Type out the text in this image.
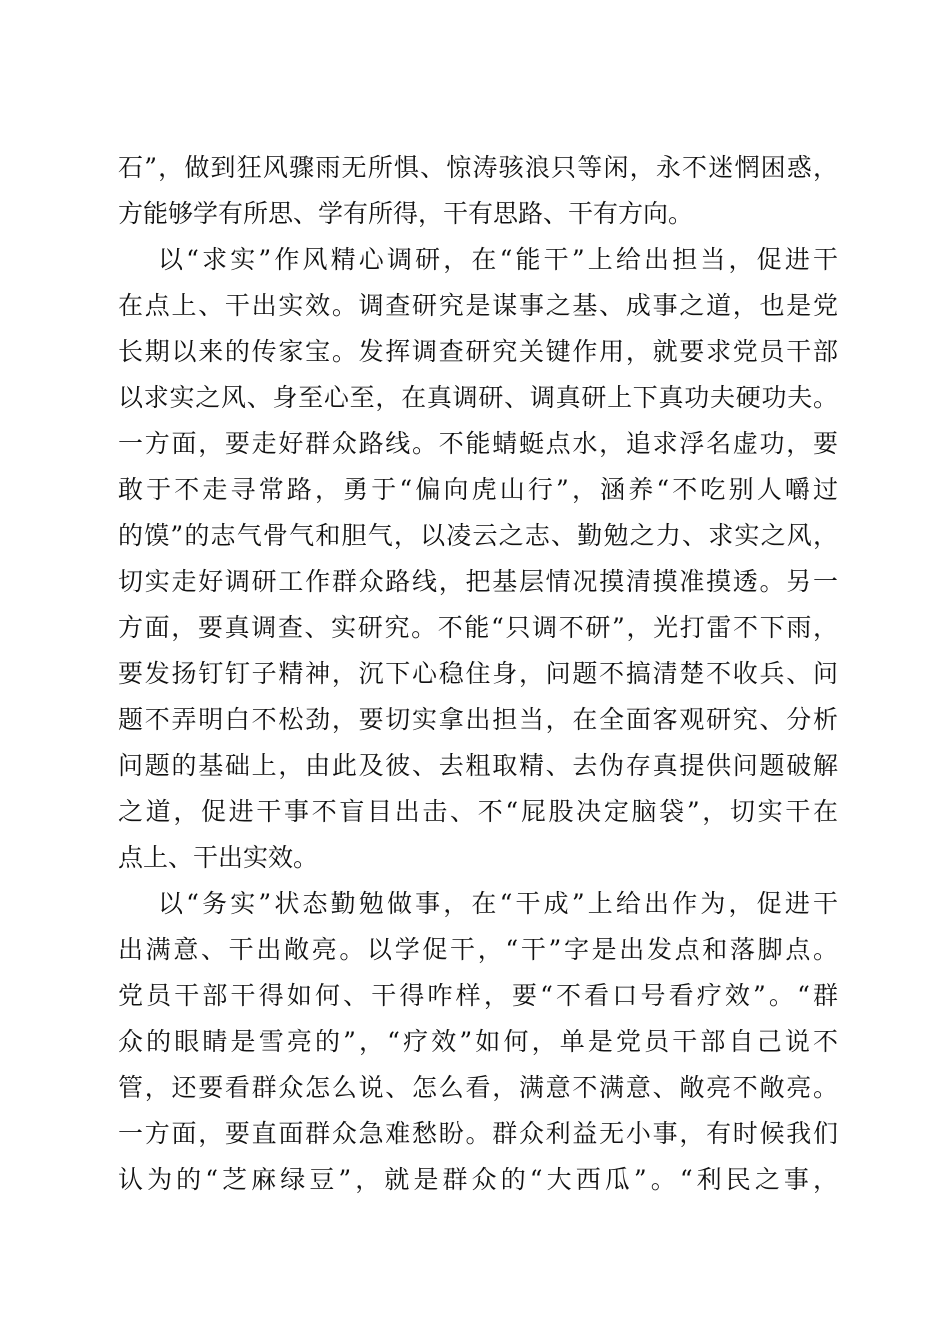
石”，做到狂风骤雨无所惧、惊涛骇浪只等闲，永不迷惘困惑，
方能够学有所思、学有所得，干有思路、干有方向。
以“求实”作风精心调研，在“能干”上给出担当，促进干
在点上、干出实效。调查研究是谋事之基、成事之道，也是党
长期以来的传家宝。发挥调查研究关键作用，就要求党员干部
以求实之风、身至心至，在真调研、调真研上下真功夫硬功夫。
一方面，要走好群众路线。不能蜻蜓点水，追求浮名虚功，要
敢于不走寻常路，勇于“偏向虎山行”，涵养“不吃别人嚼过
的馍”的志气骨气和胆气，以凌云之志、勤勉之力、求实之风，
切实走好调研工作群众路线，把基层情况摸清摸准摸透。另一
方面，要真调查、实研究。不能“只调不研”，光打雷不下雨，
要发扬钉钉子精神，沉下心稳住身，问题不搞清楚不收兵、问
题不弄明白不松劲，要切实拿出担当，在全面客观研究、分析
问题的基础上，由此及彼、去粗取精、去伪存真提供问题破解
之道，促进干事不盲目出击、不“屁股决定脑袋”，切实干在
点上、干出实效。
以“务实”状态勤勉做事，在“干成”上给出作为，促进干
出满意、干出敞亮。以学促干，“干”字是出发点和落脚点。
党员干部干得如何、干得咋样，要“不看口号看疗效”。“群
众的眼睛是雪亮的”，“疗效”如何，单是党员干部自己说不
管，还要看群众怎么说、怎么看，满意不满意、敞亮不敞亮。
一方面，要直面群众急难愁盼。群众利益无小事，有时候我们
认为的“芝麻绿豆”，就是群众的“大西瓜”。“利民之事，
